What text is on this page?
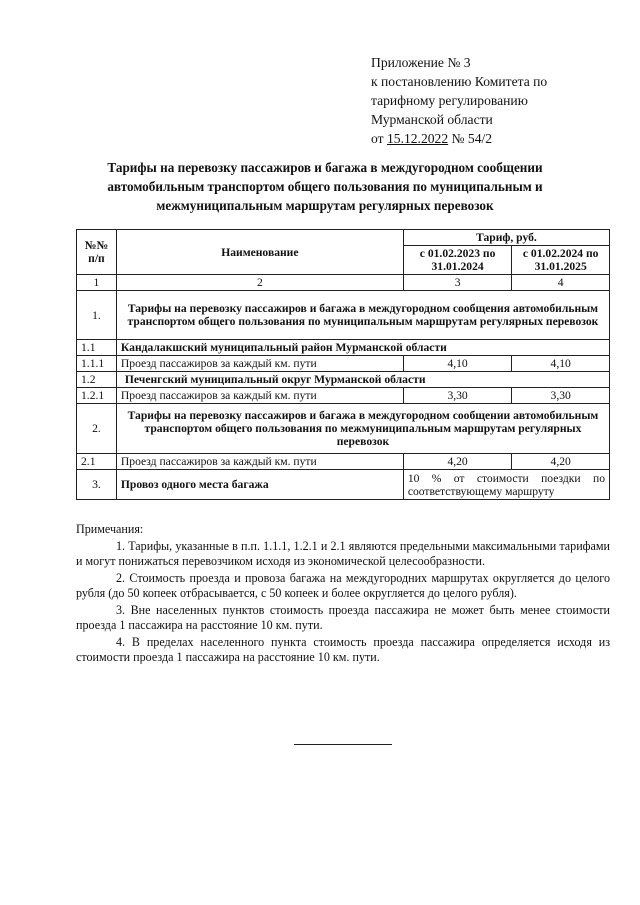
Приложение № 3
к постановлению Комитета по
тарифному регулированию
Мурманской области
от 15.12.2022 № 54/2
Тарифы на перевозку пассажиров и багажа в междугородном сообщении автомобильным транспортом общего пользования по муниципальным и межмуниципальным маршрутам регулярных перевозок
№№ п/п	Наименование	Тариф, руб.	
		с 01.02.2023 по 31.01.2024	с 01.02.2024 по 31.01.2025
1	2	3	4
1.	Тарифы на перевозку пассажиров и багажа в междугородном сообщения автомобильным транспортом общего пользования по муниципальным маршрутам регулярных перевозок		
1.1	Кандалакшский муниципальный район Мурманской области		
1.1.1	Проезд пассажиров за каждый км. пути	4,10	4,10
1.2	Печенгский муниципальный округ Мурманской области		
1.2.1	Проезд пассажиров за каждый км. пути	3,30	3,30
2.	Тарифы на перевозку пассажиров и багажа в междугородном сообщении автомобильным транспортом общего пользования по межмуниципальным маршрутам регулярных перевозок		
2.1	Проезд пассажиров за каждый км. пути	4,20	4,20
3.	Провоз одного места багажа	10 % от стоимости поездки по соответствующему маршруту	

Примечания:

1. Тарифы, указанные в п.п. 1.1.1, 1.2.1 и 2.1 являются предельными максимальными тарифами и могут понижаться перевозчиком исходя из экономической целесообразности.

2. Стоимость проезда и провоза багажа на междугородних маршрутах округляется до целого рубля (до 50 копеек отбрасывается, с 50 копеек и более округляется до целого рубля).

3. Вне населенных пунктов стоимость проезда пассажира не может быть менее стоимости проезда 1 пассажира на расстояние 10 км. пути.

4. В пределах населенного пункта стоимость проезда пассажира определяется исходя из стоимости проезда 1 пассажира на расстояние 10 км. пути.
